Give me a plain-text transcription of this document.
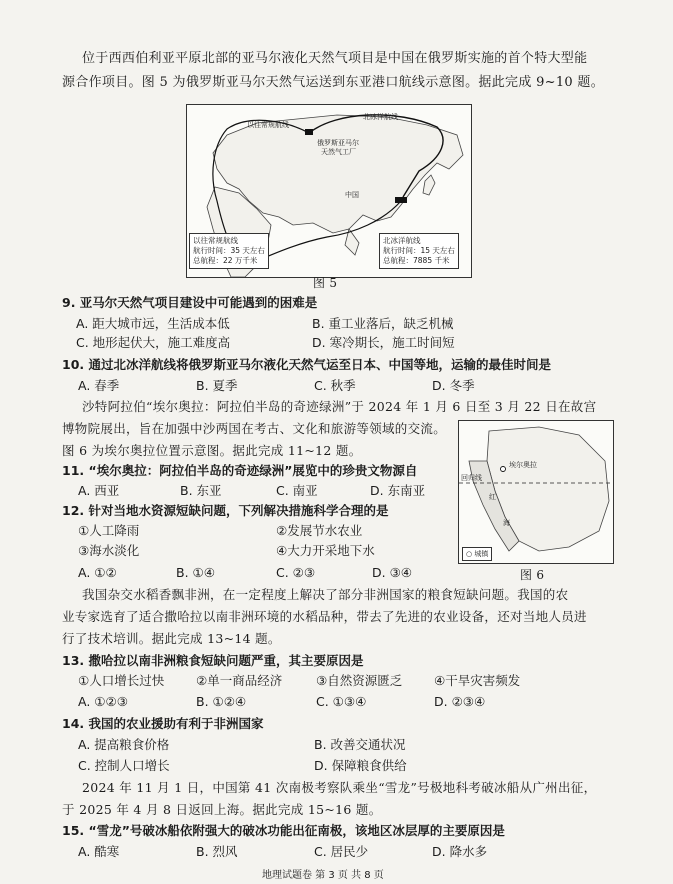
位于西西伯利亚平原北部的亚马尔液化天然气项目是中国在俄罗斯实施的首个特大型能
源合作项目。图 5 为俄罗斯亚马尔天然气运送到东亚港口航线示意图。据此完成 9~10 题。
以往常规航线
北冰洋航线
俄罗斯亚马尔
天然气工厂
中国
以往常规航线
航行时间：35 天左右
总航程：22 万千米
北冰洋航线
航行时间：15 天左右
总航程：7885 千米
图 5
9. 亚马尔天然气项目建设中可能遇到的困难是
A. 距大城市远，生活成本低	B. 重工业落后，缺乏机械
C. 地形起伏大，施工难度高	D. 寒冷期长，施工时间短
10. 通过北冰洋航线将俄罗斯亚马尔液化天然气运至日本、中国等地，运输的最佳时间是
A. 春季	B. 夏季	C. 秋季	D. 冬季
沙特阿拉伯“埃尔奥拉：阿拉伯半岛的奇迹绿洲”于 2024 年 1 月 6 日至 3 月 22 日在故宫
博物院展出，旨在加强中沙两国在考古、文化和旅游等领域的交流。
图 6 为埃尔奥拉位置示意图。据此完成 11~12 题。
埃尔奥拉
回归线
红
海
○ 城镇
图 6
11. “埃尔奥拉：阿拉伯半岛的奇迹绿洲”展览中的珍贵文物源自
A. 西亚	B. 东亚	C. 南亚	D. 东南亚
12. 针对当地水资源短缺问题，下列解决措施科学合理的是
①人工降雨	②发展节水农业
③海水淡化	④大力开采地下水
A. ①②	B. ①④	C. ②③	D. ③④
我国杂交水稻香飘非洲，在一定程度上解决了部分非洲国家的粮食短缺问题。我国的农
业专家选育了适合撒哈拉以南非洲环境的水稻品种，带去了先进的农业设备，还对当地人员进
行了技术培训。据此完成 13~14 题。
13. 撒哈拉以南非洲粮食短缺问题严重，其主要原因是
①人口增长过快	②单一商品经济	③自然资源匮乏	④干旱灾害频发
A. ①②③	B. ①②④	C. ①③④	D. ②③④
14. 我国的农业援助有利于非洲国家
A. 提高粮食价格	B. 改善交通状况
C. 控制人口增长	D. 保障粮食供给
2024 年 11 月 1 日，中国第 41 次南极考察队乘坐“雪龙”号极地科考破冰船从广州出征，
于 2025 年 4 月 8 日返回上海。据此完成 15~16 题。
15. “雪龙”号破冰船依附强大的破冰功能出征南极，该地区冰层厚的主要原因是
A. 酷寒	B. 烈风	C. 居民少	D. 降水多
地理试题卷 第 3 页 共 8 页
